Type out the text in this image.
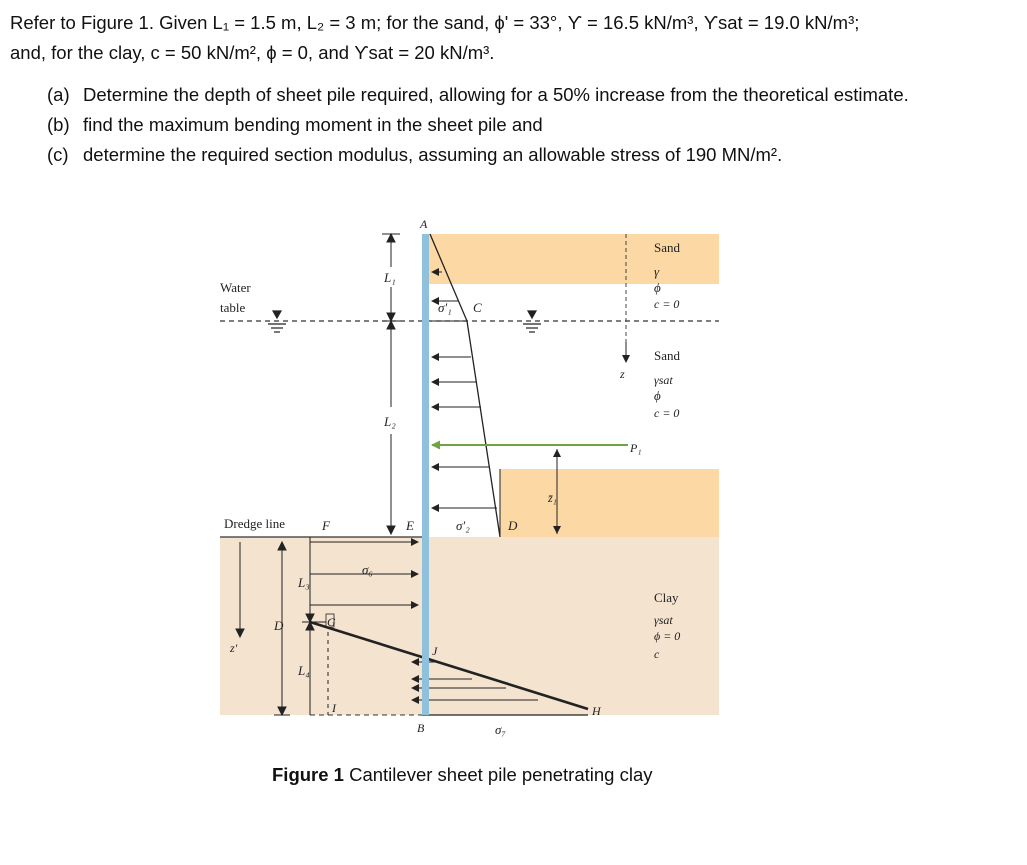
Refer to Figure 1. Given L₁ = 1.5 m, L₂ = 3 m; for the sand, ϕ' = 33°, ϒ = 16.5 kN/m³, ϒsat = 19.0 kN/m³;
and, for the clay, c = 50 kN/m², ϕ = 0, and ϒsat = 20 kN/m³.
(a) Determine the depth of sheet pile required, allowing for a 50% increase from the theoretical estimate.
(b) find the maximum bending moment in the sheet pile and
(c) determine the required section modulus, assuming an allowable stress of 190 MN/m².
A
B
C
D
E
F
G
H
I
J
L₁
L₂
L₃
L₄
D
z′
z
z̄₁
Water
table
Dredge line
σ′₁
σ′₂
σ₆
σ₇
P₁
Sand
γ
ϕ
c = 0
Sand
γsat
ϕ
c = 0
Clay
γsat
ϕ = 0
c
Figure 1 Cantilever sheet pile penetrating clay
